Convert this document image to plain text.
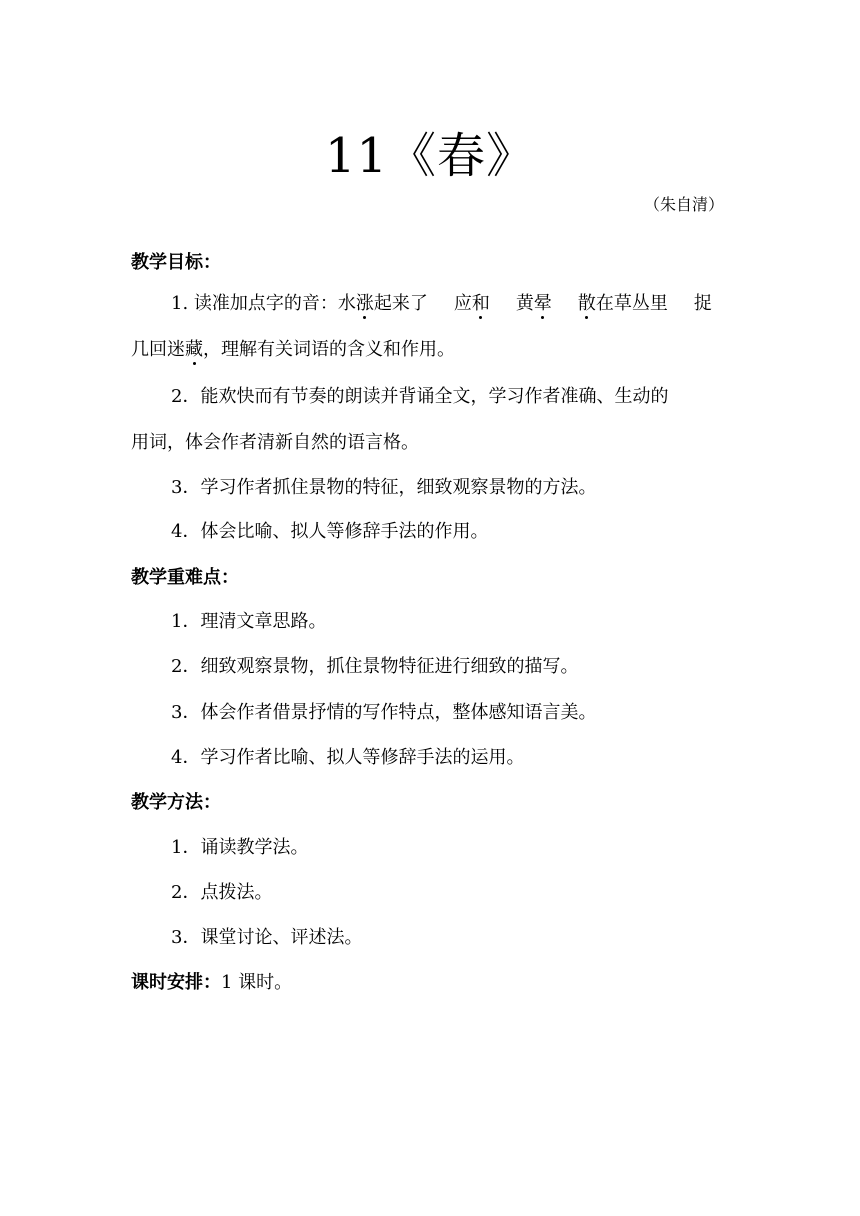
11《春》
（朱自清）
教学目标：
1. 读准加点字的音：水涨起来了 应和 黄晕 散在草丛里 捉
几回迷藏，理解有关词语的含义和作用。
2．能欢快而有节奏的朗读并背诵全文，学习作者准确、生动的
用词，体会作者清新自然的语言格。
3．学习作者抓住景物的特征，细致观察景物的方法。
4．体会比喻、拟人等修辞手法的作用。
教学重难点：
1．理清文章思路。
2．细致观察景物，抓住景物特征进行细致的描写。
3．体会作者借景抒情的写作特点，整体感知语言美。
4．学习作者比喻、拟人等修辞手法的运用。
教学方法：
1．诵读教学法。
2．点拨法。
3．课堂讨论、评述法。
课时安排：1 课时。
